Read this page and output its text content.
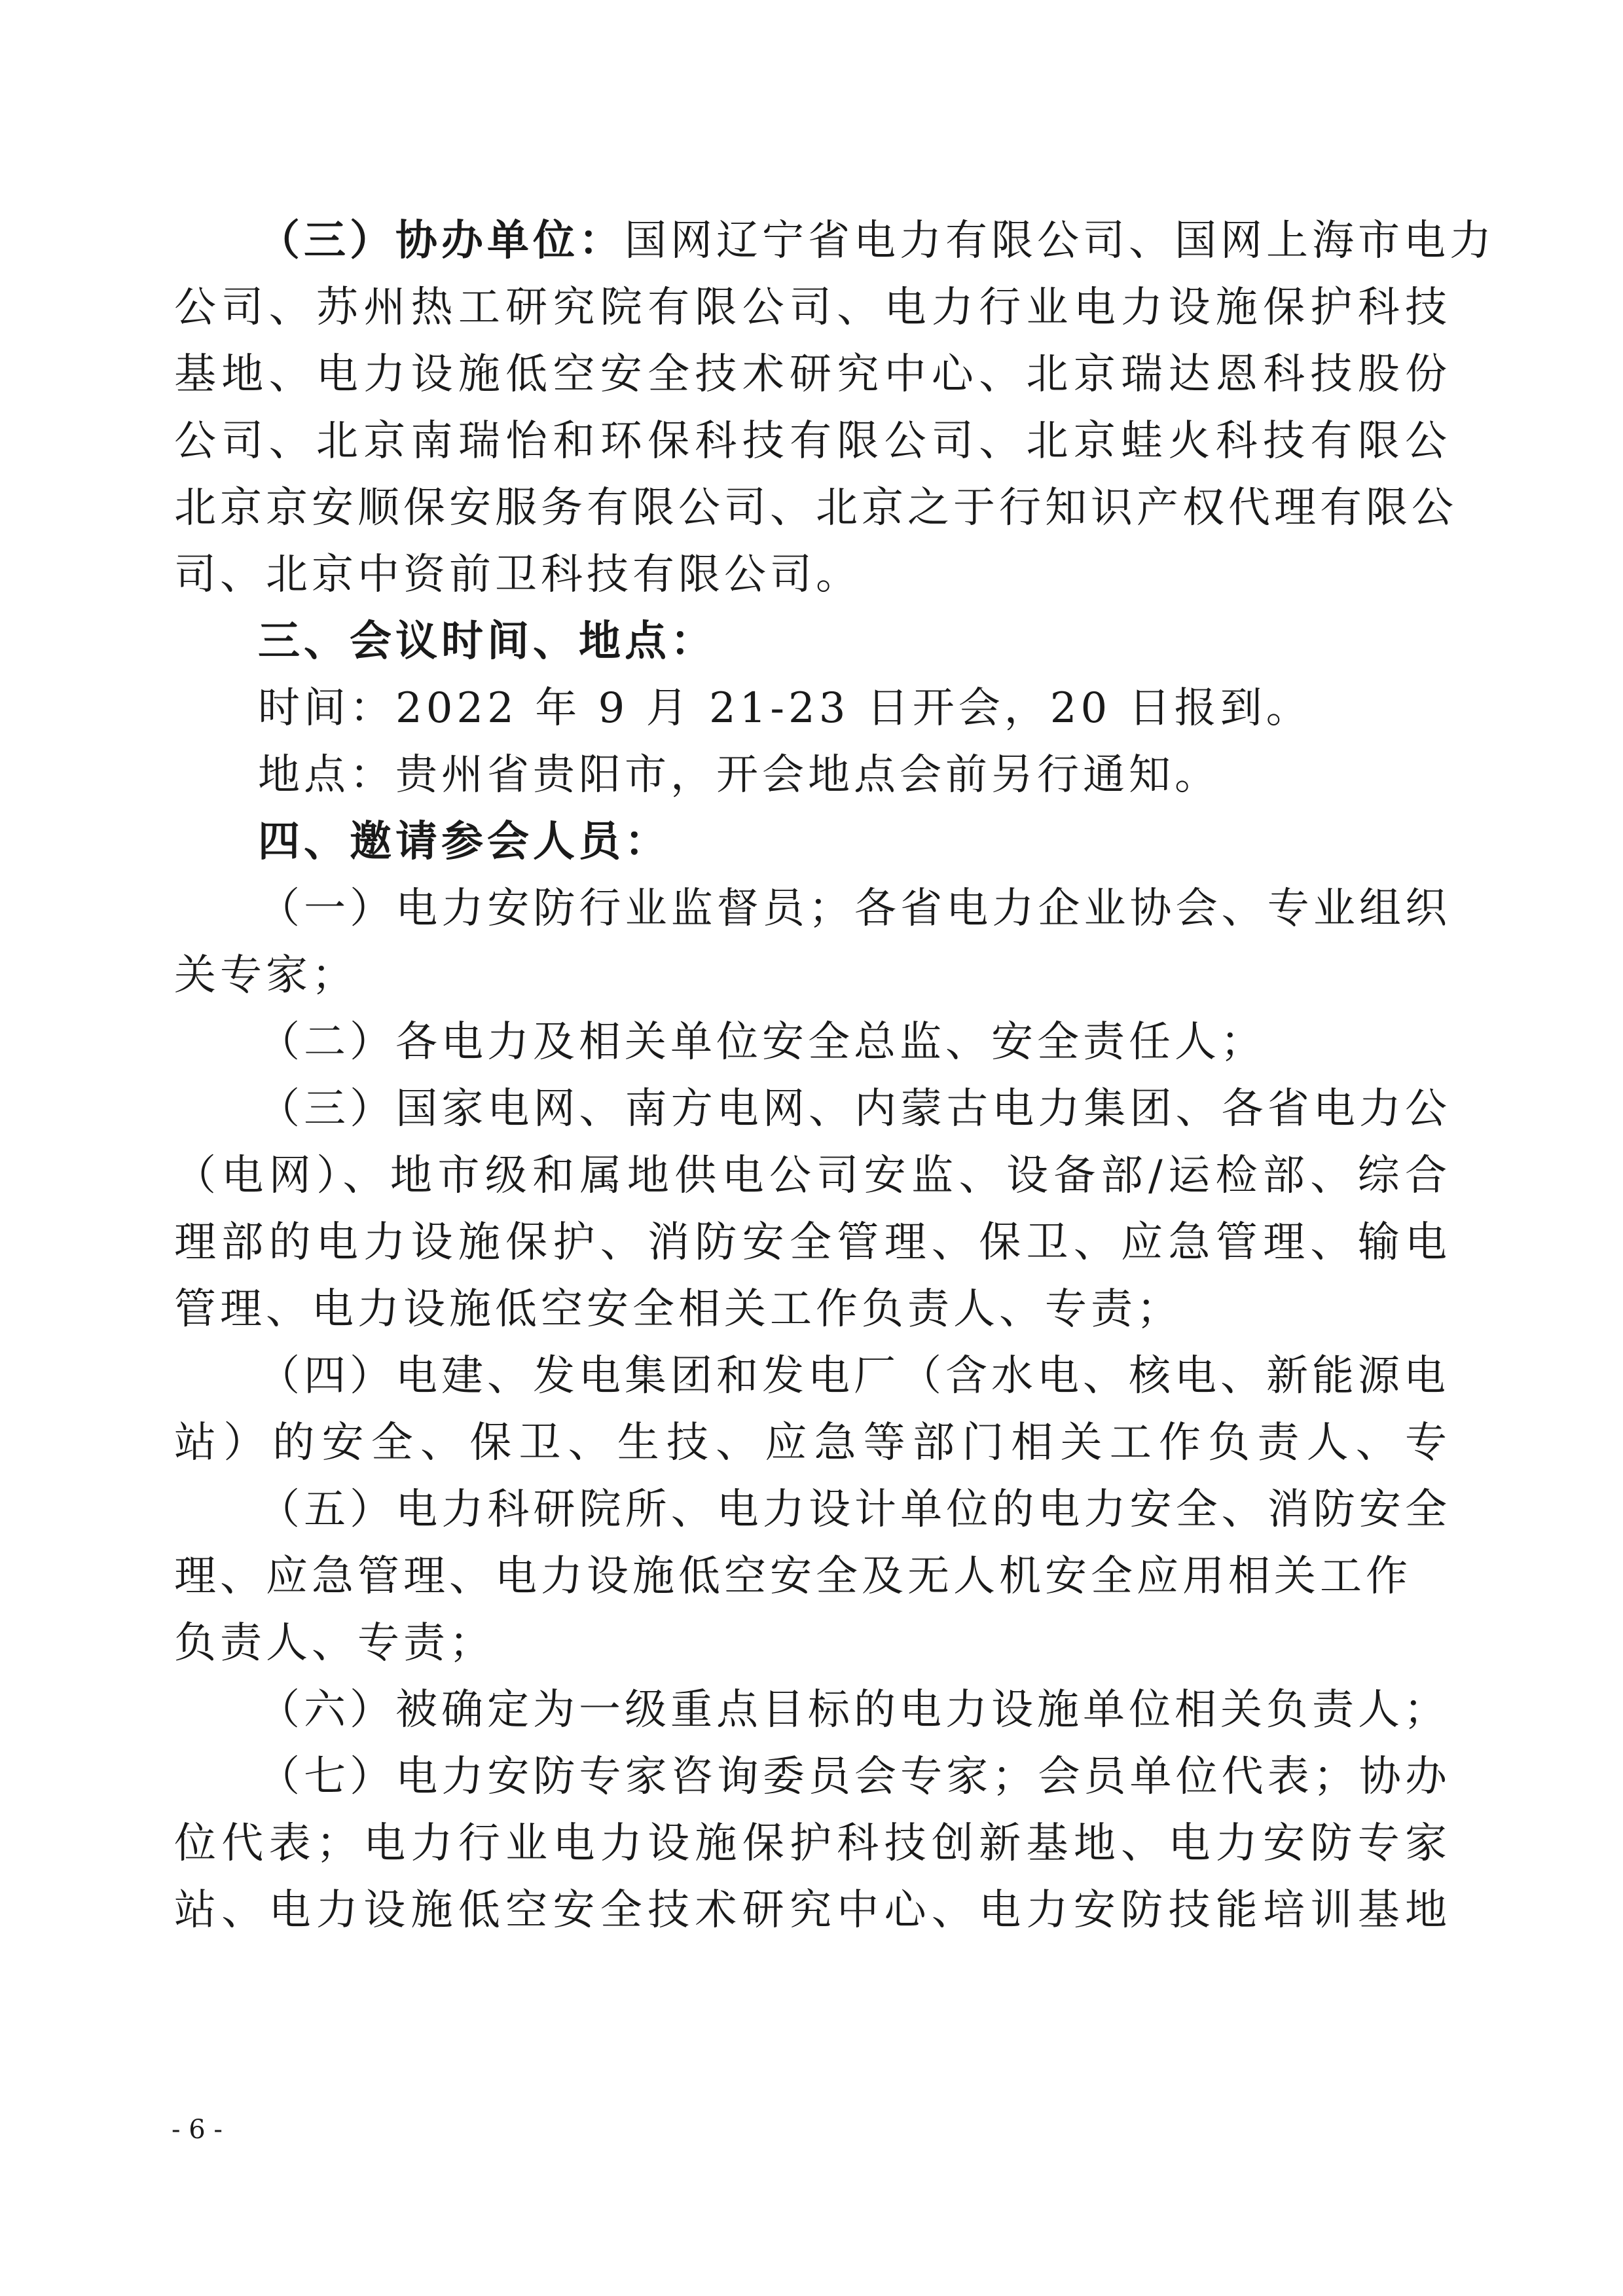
（三）协办单位：国网辽宁省电力有限公司、国网上海市电力
公司、苏州热工研究院有限公司、电力行业电力设施保护科技
基地、电力设施低空安全技术研究中心、北京瑞达恩科技股份
公司、北京南瑞怡和环保科技有限公司、北京蛙火科技有限公
北京京安顺保安服务有限公司、北京之于行知识产权代理有限公
司、北京中资前卫科技有限公司。
三、会议时间、地点：
时间：2022 年 9 月 21-23 日开会，20 日报到。
地点：贵州省贵阳市，开会地点会前另行通知。
四、邀请参会人员：
（一）电力安防行业监督员；各省电力企业协会、专业组织
关专家；
（二）各电力及相关单位安全总监、安全责任人；
（三）国家电网、南方电网、内蒙古电力集团、各省电力公
（电网）、地市级和属地供电公司安监、设备部/运检部、综合
理部的电力设施保护、消防安全管理、保卫、应急管理、输电
管理、电力设施低空安全相关工作负责人、专责；
（四）电建、发电集团和发电厂（含水电、核电、新能源电
站）的安全、保卫、生技、应急等部门相关工作负责人、专
（五）电力科研院所、电力设计单位的电力安全、消防安全
理、应急管理、电力设施低空安全及无人机安全应用相关工作
负责人、专责；
（六）被确定为一级重点目标的电力设施单位相关负责人；
（七）电力安防专家咨询委员会专家；会员单位代表；协办
位代表；电力行业电力设施保护科技创新基地、电力安防专家
站、电力设施低空安全技术研究中心、电力安防技能培训基地
- 6 -
